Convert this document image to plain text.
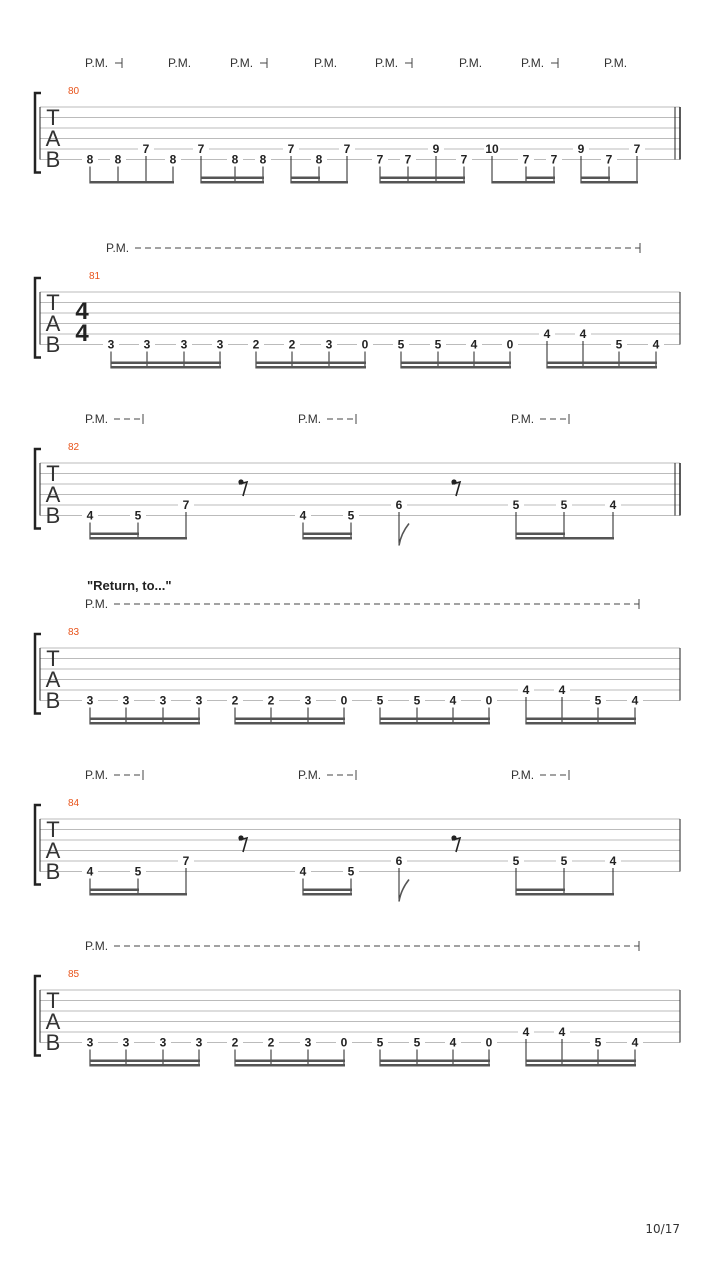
P.M.	P.M.	P.M.	P.M.	P.M.	P.M.	P.M.	P.M.
80
T
A
B 8 8
7
8
7
8 8
7
8
7
7 7
9
7
10
7 7
9
7
7
P.M.
81
T
A
B
4
4 3 3	3 3 2 2	3 0 5	5 4 0
4 4
5	4
P.M.	P.M.	P.M.
82
T
A
B 4	5
7
4	5
6	5	5	4
P.M.
"Return, to..."
83
T
A
B 3 3	3 3 2 2	3 0 5	5 4 0
4 4
5	4
P.M.	P.M.	P.M.
84
T
A
B 4	5
7
4	5
6	5	5	4
P.M.
85
T
A
B 3 3	3 3 2 2	3 0 5	5 4 0
4 4
5	4
10/17
